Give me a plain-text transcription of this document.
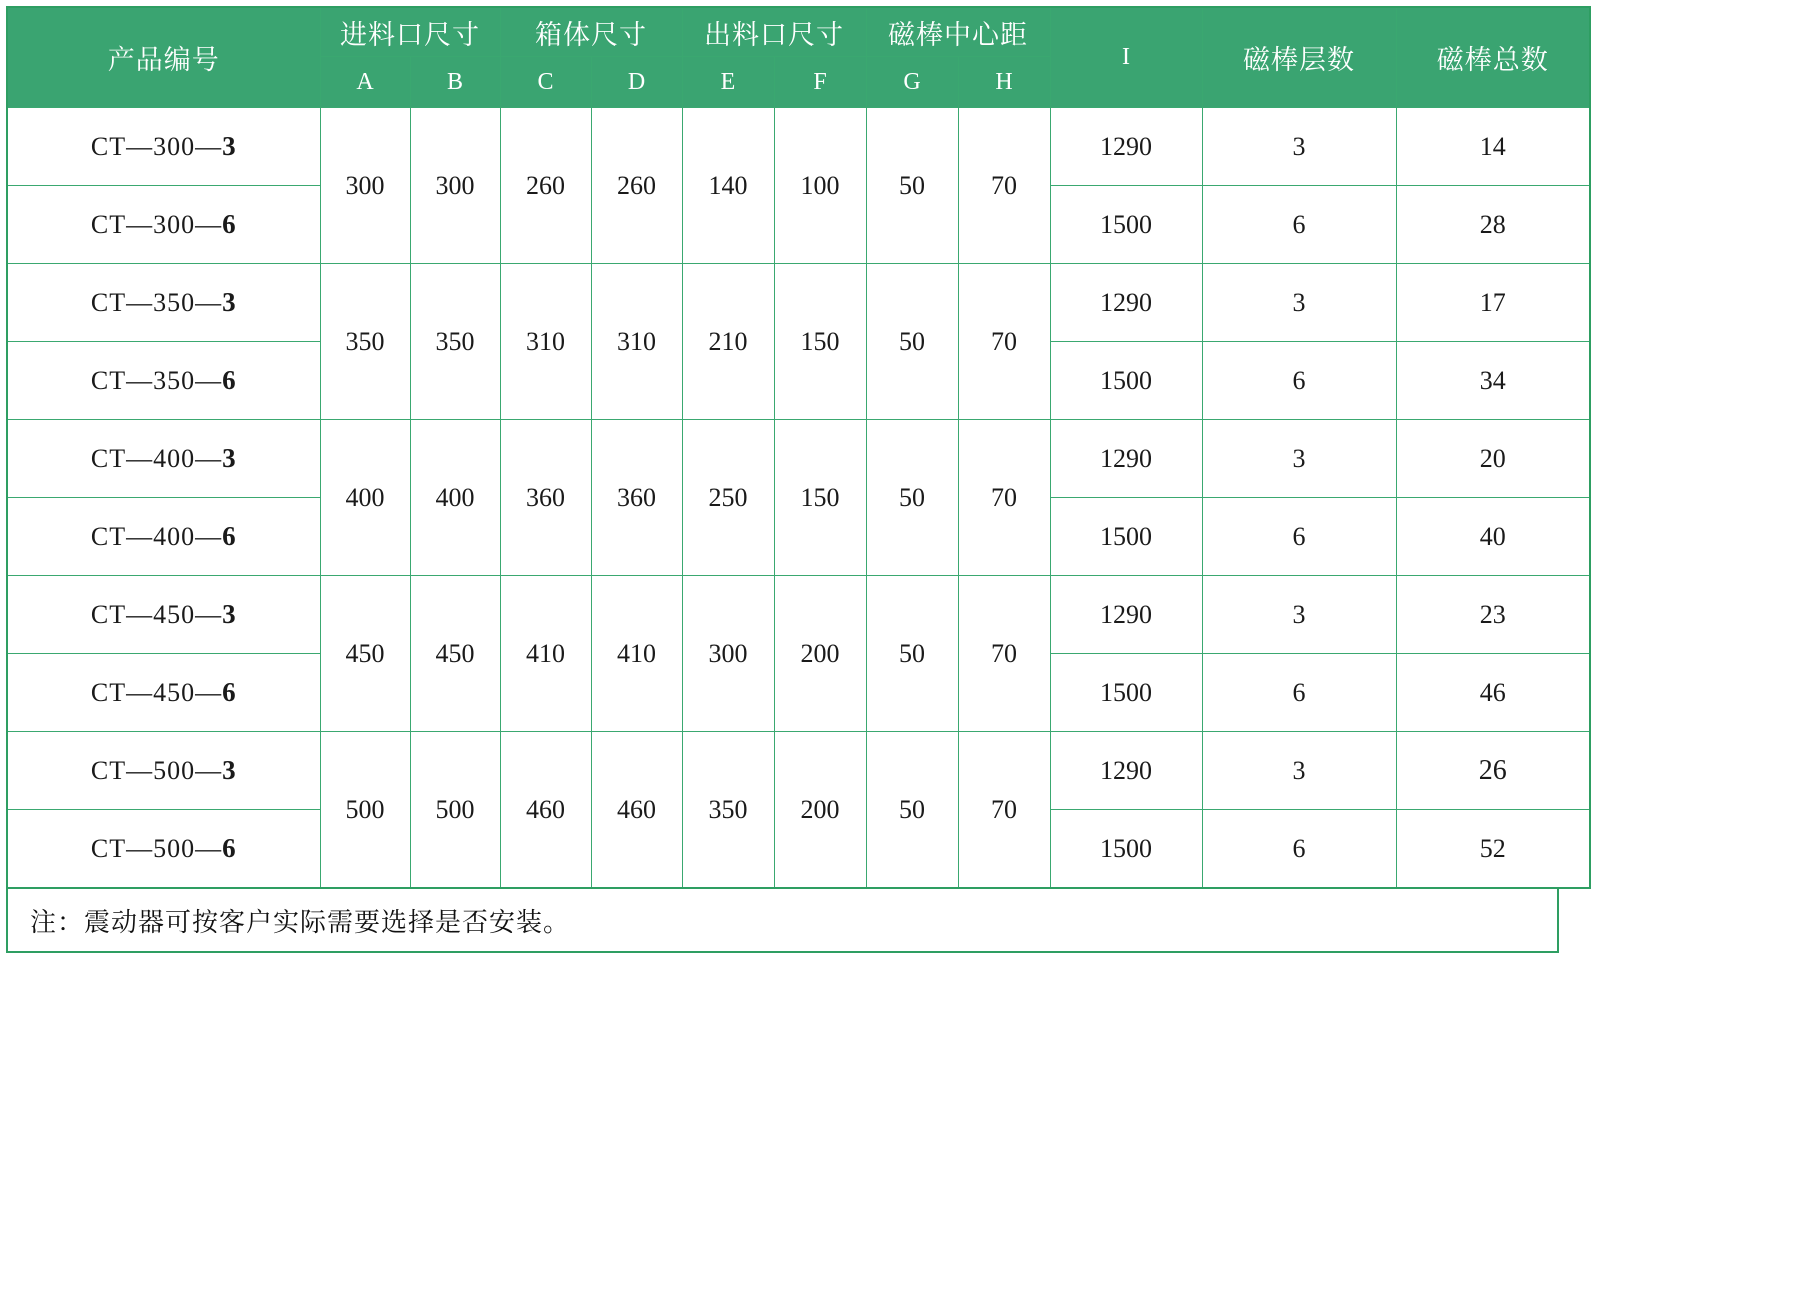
产品编号	进料口尺寸		箱体尺寸		出料口尺寸		磁棒中心距		I	磁棒层数	磁棒总数
	A	B	C	D	E	F	G	H			
CT—300—3	300	300	260	260	140	100	50	70	1290	3	14
CT—300—6									1500	6	28
CT—350—3	350	350	310	310	210	150	50	70	1290	3	17
CT—350—6									1500	6	34
CT—400—3	400	400	360	360	250	150	50	70	1290	3	20
CT—400—6									1500	6	40
CT—450—3	450	450	410	410	300	200	50	70	1290	3	23
CT—450—6									1500	6	46
CT—500—3	500	500	460	460	350	200	50	70	1290	3	26
CT—500—6									1500	6	52
注：震动器可按客户实际需要选择是否安装。
